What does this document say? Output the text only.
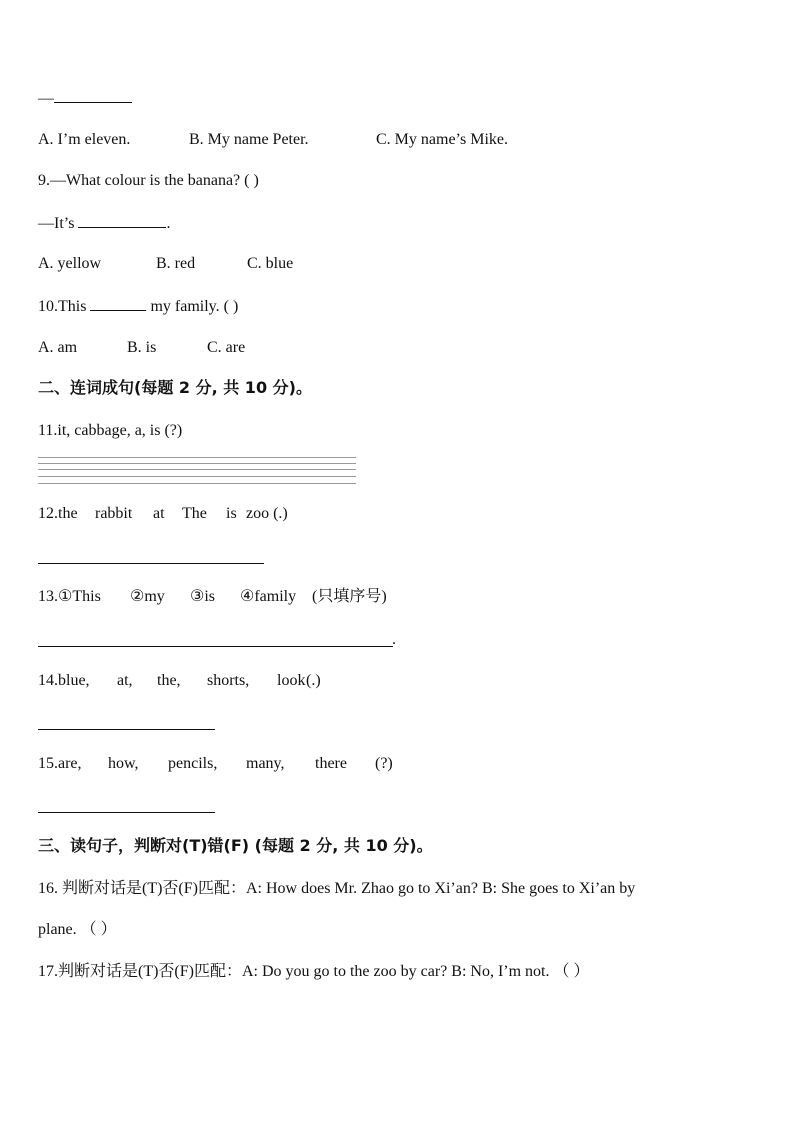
—
A. I’m eleven.	B. My name Peter.	C. My name’s Mike.
9.—What colour is the banana? ( )
—It’s	.
A. yellow	B. red	C. blue
10.This	my family. ( )
A. am	B. is	C. are
二、连词成句(每题 2 分, 共 10 分)。
11.it, cabbage, a, is (?)
12.the rabbit at The is zoo (.)
13.①This ②my ③is ④family (只填序号)
.
14.blue, at, the, shorts, look(.)
15.are, how, pencils, many, there (?)
三、读句子，判断对(T)错(F) (每题 2 分, 共 10 分)。
16. 判断对话是(T)否(F)匹配：A: How does Mr. Zhao go to Xi’an? B: She goes to Xi’an by
plane. （ ）
17.判断对话是(T)否(F)匹配：A: Do you go to the zoo by car? B: No, I’m not. （ ）
